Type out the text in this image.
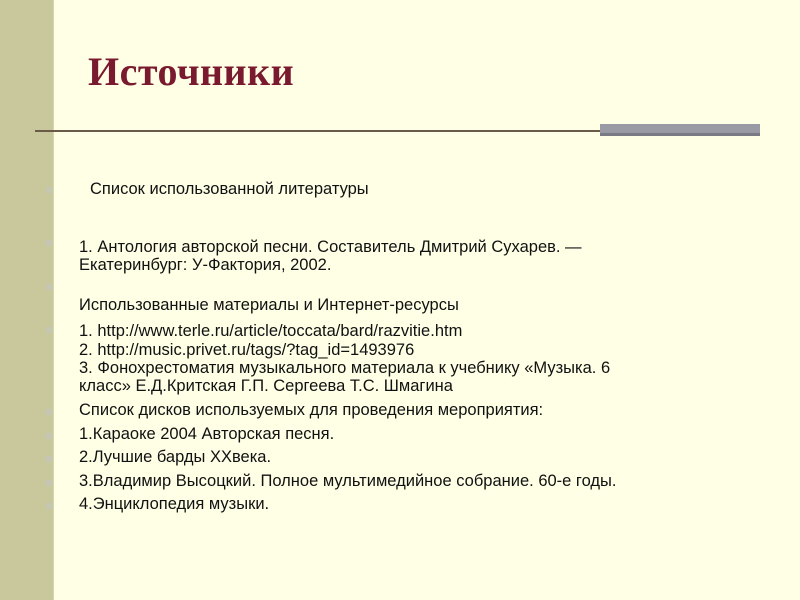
Источники
Список использованной литературы
1. Антология авторской песни. Составитель Дмитрий Сухарев. —
Екатеринбург: У-Фактория, 2002.
Использованные материалы и Интернет-ресурсы
1. http://www.terle.ru/article/toccata/bard/razvitie.htm
2. http://music.privet.ru/tags/?tag_id=1493976
3. Фонохрестоматия музыкального материала к учебнику «Музыка. 6
класс» Е.Д.Критская Г.П. Сергеева Т.С. Шмагина
Список дисков используемых для проведения мероприятия:
1.Караоке 2004 Авторская песня.
2.Лучшие барды XXвека.
3.Владимир Высоцкий. Полное мультимедийное собрание. 60-е годы.
4.Энциклопедия музыки.
